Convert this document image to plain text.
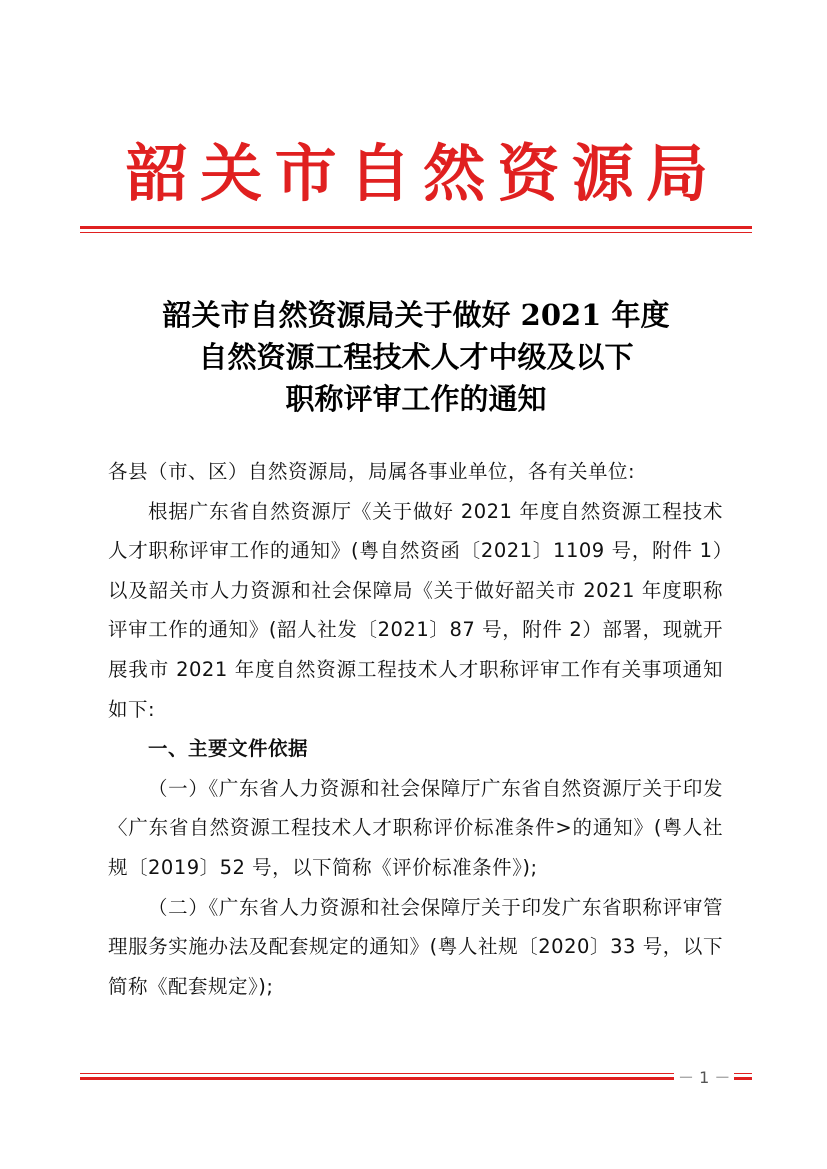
韶 关 市 自 然 资 源 局
韶关市自然资源局关于做好 2021 年度
自然资源工程技术人才中级及以下
职称评审工作的通知

各县（市、区）自然资源局，局属各事业单位，各有关单位:

根据广东省自然资源厅《关于做好 2021 年度自然资源工程技术人才职称评审工作的通知》(粤自然资函〔2021〕1109 号，附件 1）以及韶关市人力资源和社会保障局《关于做好韶关市 2021 年度职称评审工作的通知》(韶人社发〔2021〕87 号，附件 2）部署，现就开展我市 2021 年度自然资源工程技术人才职称评审工作有关事项通知如下:

一、主要文件依据

（一）《广东省人力资源和社会保障厅广东省自然资源厅关于印发〈广东省自然资源工程技术人才职称评价标准条件>的通知》(粤人社规〔2019〕52 号，以下简称《评价标准条件》);

（二）《广东省人力资源和社会保障厅关于印发广东省职称评审管理服务实施办法及配套规定的通知》(粤人社规〔2020〕33 号，以下简称《配套规定》);

－ 1 －
